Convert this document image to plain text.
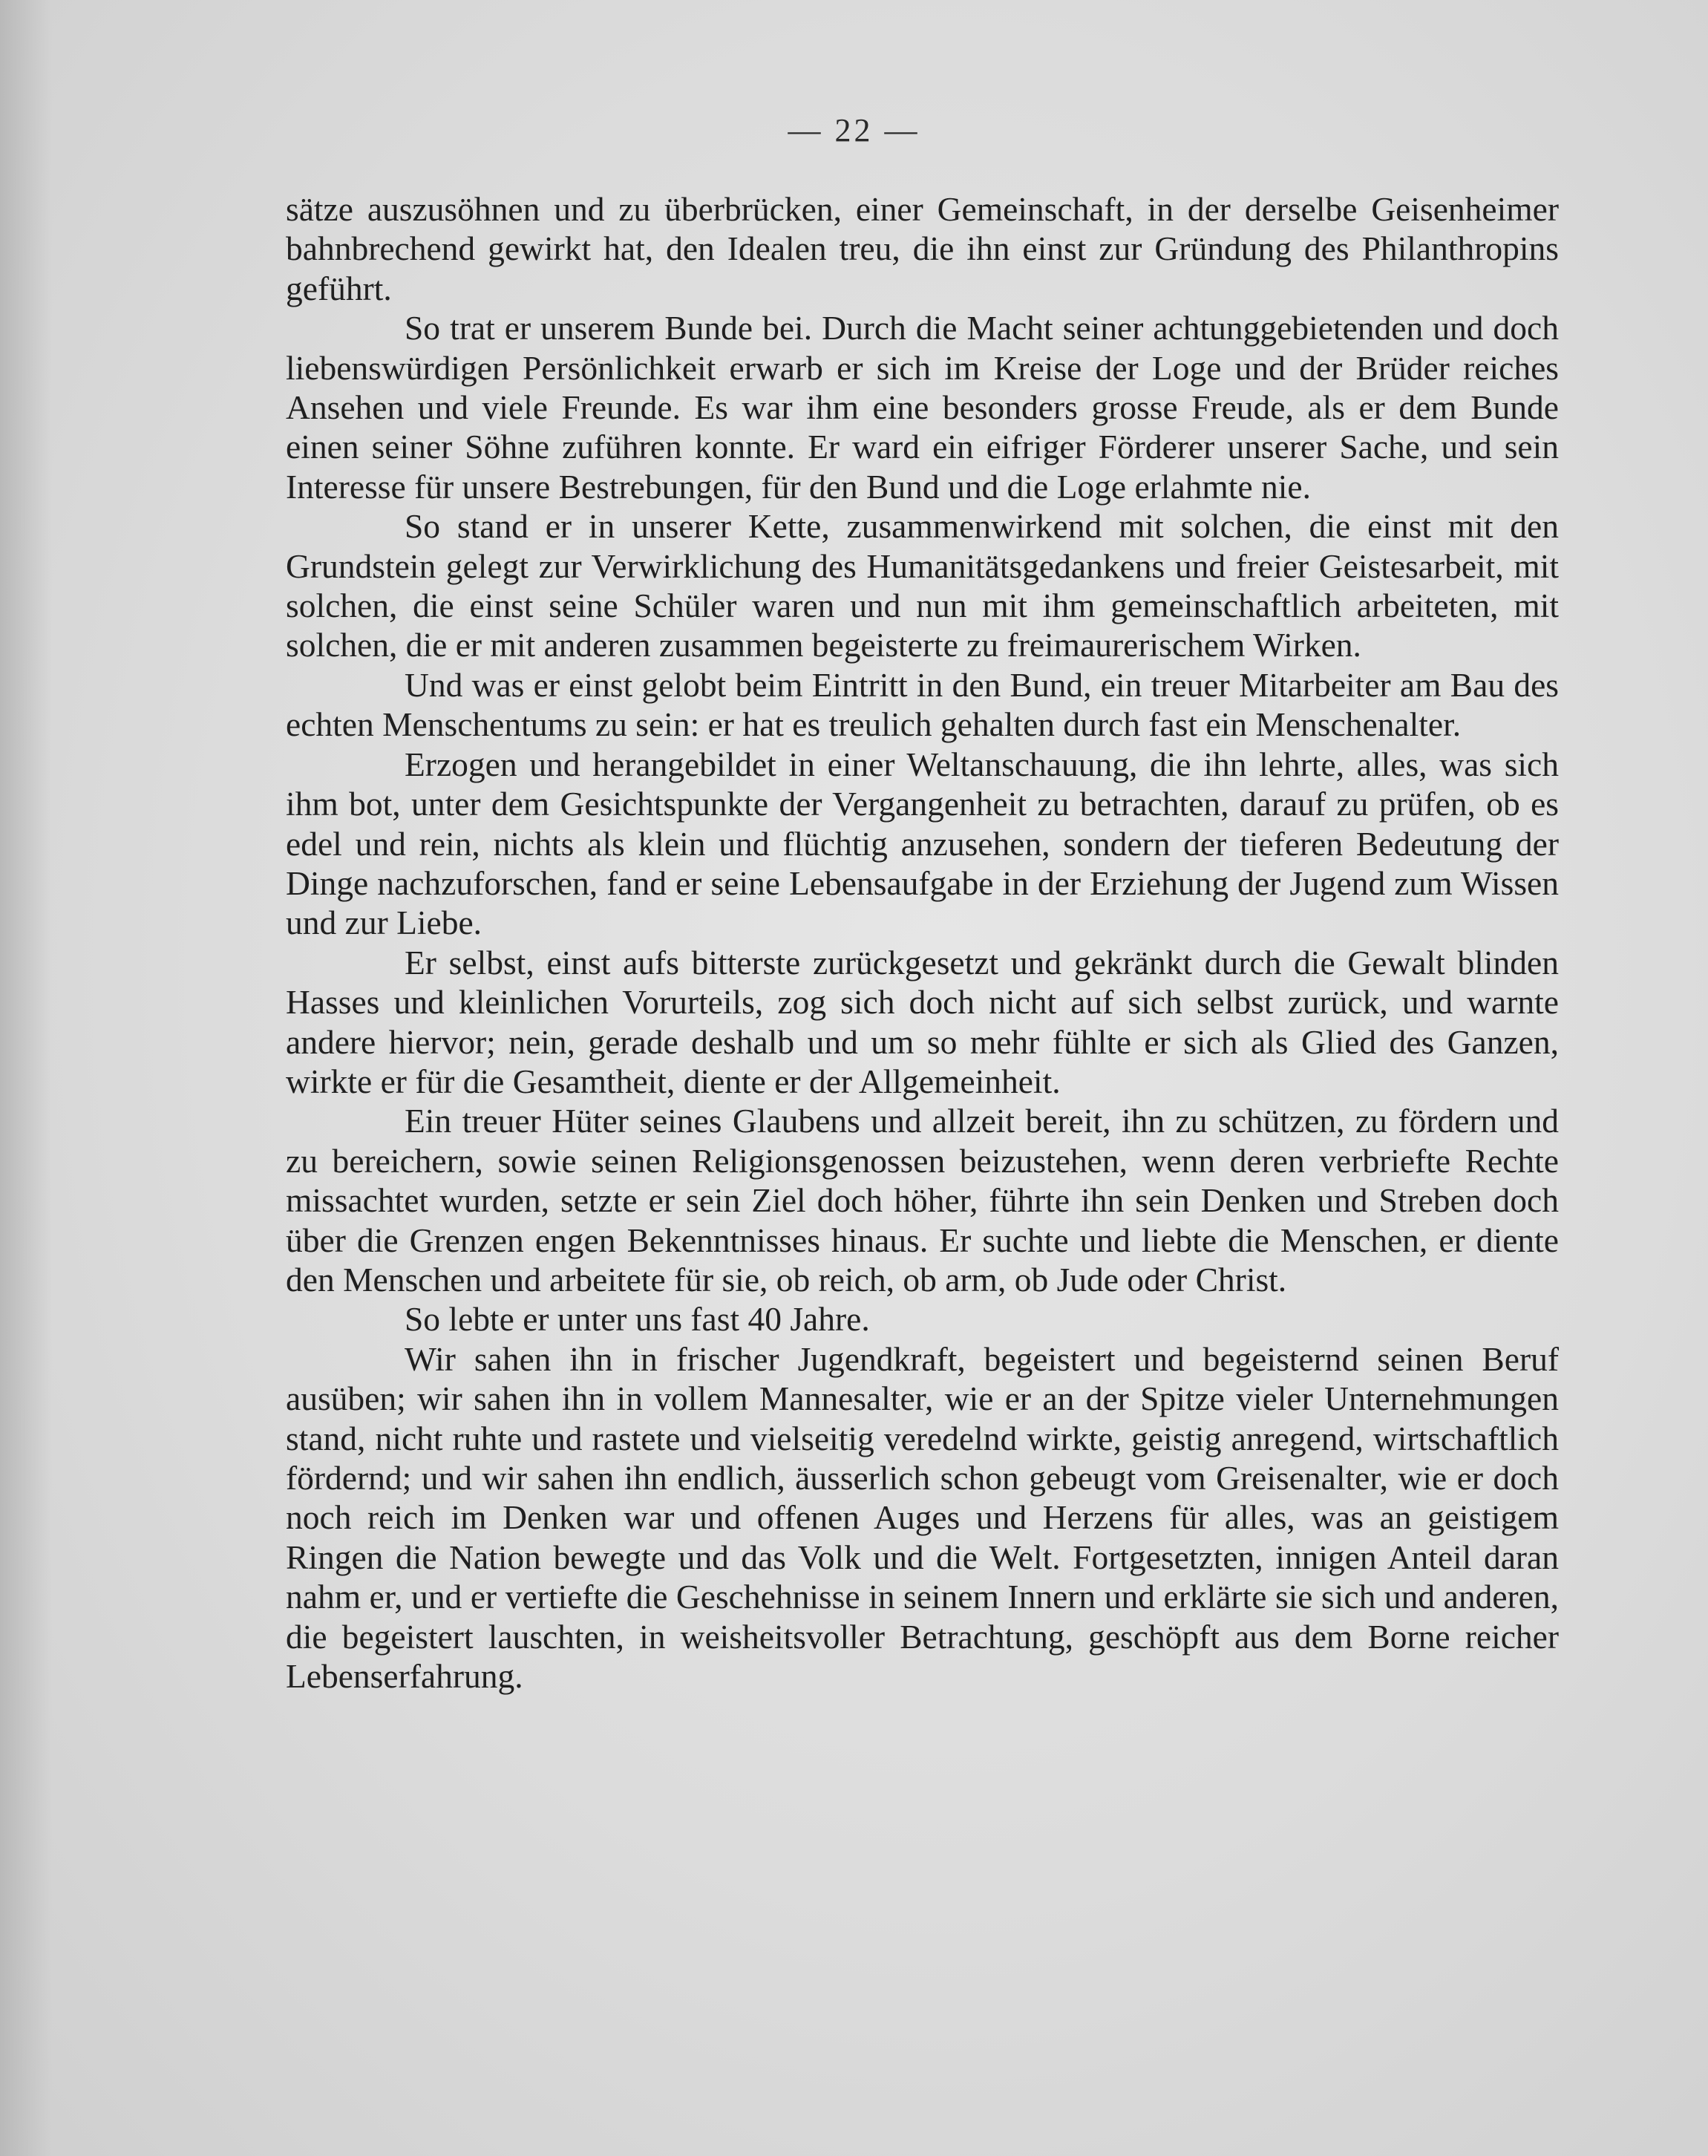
— 22 —

sätze auszusöhnen und zu überbrücken, einer Gemeinschaft, in der derselbe Geisenheimer bahnbrechend gewirkt hat, den Idealen treu, die ihn einst zur Gründung des Philanthropins geführt.

So trat er unserem Bunde bei. Durch die Macht seiner achtunggebietenden und doch liebenswürdigen Persönlichkeit erwarb er sich im Kreise der Loge und der Brüder reiches Ansehen und viele Freunde. Es war ihm eine besonders grosse Freude, als er dem Bunde einen seiner Söhne zuführen konnte. Er ward ein eifriger Förderer unserer Sache, und sein Interesse für unsere Bestrebungen, für den Bund und die Loge erlahmte nie.

So stand er in unserer Kette, zusammenwirkend mit solchen, die einst mit den Grundstein gelegt zur Verwirklichung des Humanitätsgedankens und freier Geistesarbeit, mit solchen, die einst seine Schüler waren und nun mit ihm gemeinschaftlich arbeiteten, mit solchen, die er mit anderen zusammen begeisterte zu freimaurerischem Wirken.

Und was er einst gelobt beim Eintritt in den Bund, ein treuer Mitarbeiter am Bau des echten Menschentums zu sein: er hat es treulich gehalten durch fast ein Menschenalter.

Erzogen und herangebildet in einer Weltanschauung, die ihn lehrte, alles, was sich ihm bot, unter dem Gesichtspunkte der Vergangenheit zu betrachten, darauf zu prüfen, ob es edel und rein, nichts als klein und flüchtig anzusehen, sondern der tieferen Bedeutung der Dinge nachzuforschen, fand er seine Lebensaufgabe in der Erziehung der Jugend zum Wissen und zur Liebe.

Er selbst, einst aufs bitterste zurückgesetzt und gekränkt durch die Gewalt blinden Hasses und kleinlichen Vorurteils, zog sich doch nicht auf sich selbst zurück, und warnte andere hiervor; nein, gerade deshalb und um so mehr fühlte er sich als Glied des Ganzen, wirkte er für die Gesamtheit, diente er der Allgemeinheit.

Ein treuer Hüter seines Glaubens und allzeit bereit, ihn zu schützen, zu fördern und zu bereichern, sowie seinen Religionsgenossen beizustehen, wenn deren verbriefte Rechte missachtet wurden, setzte er sein Ziel doch höher, führte ihn sein Denken und Streben doch über die Grenzen engen Bekenntnisses hinaus. Er suchte und liebte die Menschen, er diente den Menschen und arbeitete für sie, ob reich, ob arm, ob Jude oder Christ.

So lebte er unter uns fast 40 Jahre.

Wir sahen ihn in frischer Jugendkraft, begeistert und begeisternd seinen Beruf ausüben; wir sahen ihn in vollem Mannesalter, wie er an der Spitze vieler Unternehmungen stand, nicht ruhte und rastete und vielseitig veredelnd wirkte, geistig anregend, wirtschaftlich fördernd; und wir sahen ihn endlich, äusserlich schon gebeugt vom Greisenalter, wie er doch noch reich im Denken war und offenen Auges und Herzens für alles, was an geistigem Ringen die Nation bewegte und das Volk und die Welt. Fortgesetzten, innigen Anteil daran nahm er, und er vertiefte die Geschehnisse in seinem Innern und erklärte sie sich und anderen, die begeistert lauschten, in weisheitsvoller Betrachtung, geschöpft aus dem Borne reicher Lebenserfahrung.
